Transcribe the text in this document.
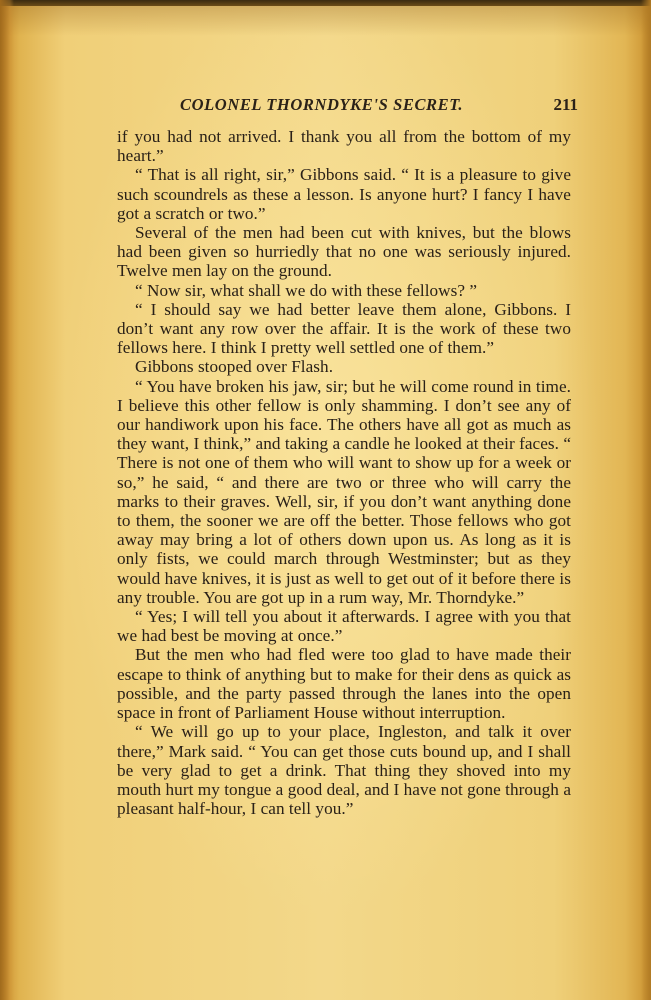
COLONEL THORNDYKE'S SECRET.	211

if you had not arrived. I thank you all from the bottom of my heart.”

“ That is all right, sir,” Gibbons said. “ It is a pleasure to give such scoundrels as these a lesson. Is anyone hurt? I fancy I have got a scratch or two.”

Several of the men had been cut with knives, but the blows had been given so hurriedly that no one was seriously injured. Twelve men lay on the ground.

“ Now sir, what shall we do with these fellows? ”

“ I should say we had better leave them alone, Gibbons. I don’t want any row over the affair. It is the work of these two fellows here. I think I pretty well settled one of them.”

Gibbons stooped over Flash.

“ You have broken his jaw, sir; but he will come round in time. I believe this other fellow is only shamming. I don’t see any of our handiwork upon his face. The others have all got as much as they want, I think,” and taking a candle he looked at their faces. “ There is not one of them who will want to show up for a week or so,” he said, “ and there are two or three who will carry the marks to their graves. Well, sir, if you don’t want anything done to them, the sooner we are off the better. Those fellows who got away may bring a lot of others down upon us. As long as it is only fists, we could march through Westminster; but as they would have knives, it is just as well to get out of it before there is any trouble. You are got up in a rum way, Mr. Thorndyke.”

“ Yes; I will tell you about it afterwards. I agree with you that we had best be moving at once.”

But the men who had fled were too glad to have made their escape to think of anything but to make for their dens as quick as possible, and the party passed through the lanes into the open space in front of Parliament House without interruption.

“ We will go up to your place, Ingleston, and talk it over there,” Mark said. “ You can get those cuts bound up, and I shall be very glad to get a drink. That thing they shoved into my mouth hurt my tongue a good deal, and I have not gone through a pleasant half-hour, I can tell you.”
